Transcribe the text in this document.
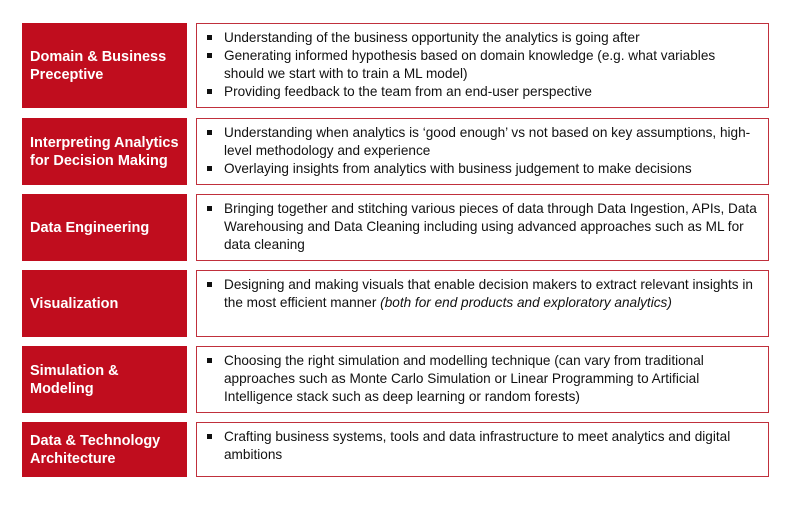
Domain & Business Preceptive
Understanding of the business opportunity the analytics is going after
Generating informed hypothesis based on domain knowledge (e.g. what variables should we start with to train a ML model)
Providing feedback to the team from an end-user perspective
Interpreting Analytics for Decision Making
Understanding when analytics is ‘good enough’ vs not based on key assumptions, high-level methodology and experience
Overlaying insights from analytics with business judgement to make decisions
Data Engineering
Bringing together and stitching various pieces of data through Data Ingestion, APIs, Data Warehousing and Data Cleaning including using advanced approaches such as ML for data cleaning
Visualization
Designing and making visuals that enable decision makers to extract relevant insights in the most efficient manner (both for end products and exploratory analytics)
Simulation & Modeling
Choosing the right simulation and modelling technique (can vary from traditional approaches such as Monte Carlo Simulation or Linear Programming to Artificial Intelligence stack such as deep learning or random forests)
Data & Technology Architecture
Crafting business systems, tools and data infrastructure to meet analytics and digital ambitions
